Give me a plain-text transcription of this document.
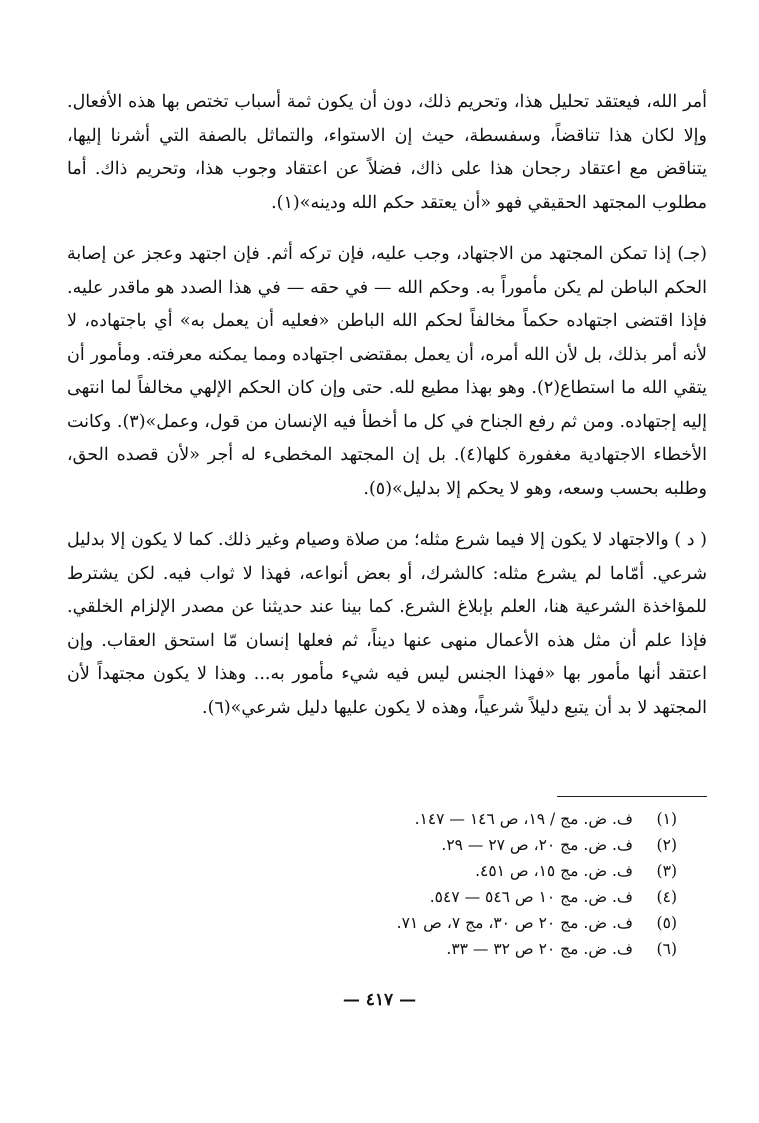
أمر الله، فيعتقد تحليل هذا، وتحريم ذلك، دون أن يكون ثمة أسباب تختص بها هذه الأفعال. وإلا لكان هذا تناقضاً، وسفسطة، حيث إن الاستواء، والتماثل بالصفة التي أشرنا إليها، يتناقض مع اعتقاد رجحان هذا على ذاك، فضلاً عن اعتقاد وجوب هذا، وتحريم ذاك. أما مطلوب المجتهد الحقيقي فهو «أن يعتقد حكم الله ودينه»(١).

(جـ) إذا تمكن المجتهد من الاجتهاد، وجب عليه، فإن تركه أثم. فإن اجتهد وعجز عن إصابة الحكم الباطن لم يكن مأموراً به. وحكم الله — في حقه — في هذا الصدد هو ماقدر عليه. فإذا اقتضى اجتهاده حكماً مخالفاً لحكم الله الباطن «فعليه أن يعمل به» أي باجتهاده، لا لأنه أمر بذلك، بل لأن الله أمره، أن يعمل بمقتضى اجتهاده ومما يمكنه معرفته. ومأمور أن يتقي الله ما استطاع(٢). وهو بهذا مطيع لله. حتى وإن كان الحكم الإلهي مخالفاً لما انتهى إليه إجتهاده. ومن ثم رفع الجناح في كل ما أخطأ فيه الإنسان من قول، وعمل»(٣). وكانت الأخطاء الاجتهادية مغفورة كلها(٤). بل إن المجتهد المخطىء له أجر «لأن قصده الحق، وطلبه بحسب وسعه، وهو لا يحكم إلا بدليل»(٥).

( د ) والاجتهاد لا يكون إلا فيما شرع مثله؛ من صلاة وصيام وغير ذلك. كما لا يكون إلا بدليل شرعي. أمّاما لم يشرع مثله: كالشرك، أو بعض أنواعه، فهذا لا ثواب فيه. لكن يشترط للمؤاخذة الشرعية هنا، العلم بإبلاغ الشرع. كما بينا عند حديثنا عن مصدر الإلزام الخلقي. فإذا علم أن مثل هذه الأعمال منهى عنها ديناً، ثم فعلها إنسان مّا استحق العقاب. وإن اعتقد أنها مأمور بها «فهذا الجنس ليس فيه شيء مأمور به... وهذا لا يكون مجتهداً لأن المجتهد لا بد أن يتبع دليلاً شرعياً، وهذه لا يكون عليها دليل شرعي»(٦).

(١)
ف. ض. مج / ١٩، ص ١٤٦ — ١٤٧.
(٢)
ف. ض. مج ٢٠، ص ٢٧ — ٢٩.
(٣)
ف. ض. مج ١٥، ص ٤٥١.
(٤)
ف. ض. مج ١٠ ص ٥٤٦ — ٥٤٧.
(٥)
ف. ض. مج ٢٠ ص ٣٠، مج ٧، ص ٧١.
(٦)
ف. ض. مج ٢٠ ص ٣٢ — ٣٣.
— ٤١٧ —
